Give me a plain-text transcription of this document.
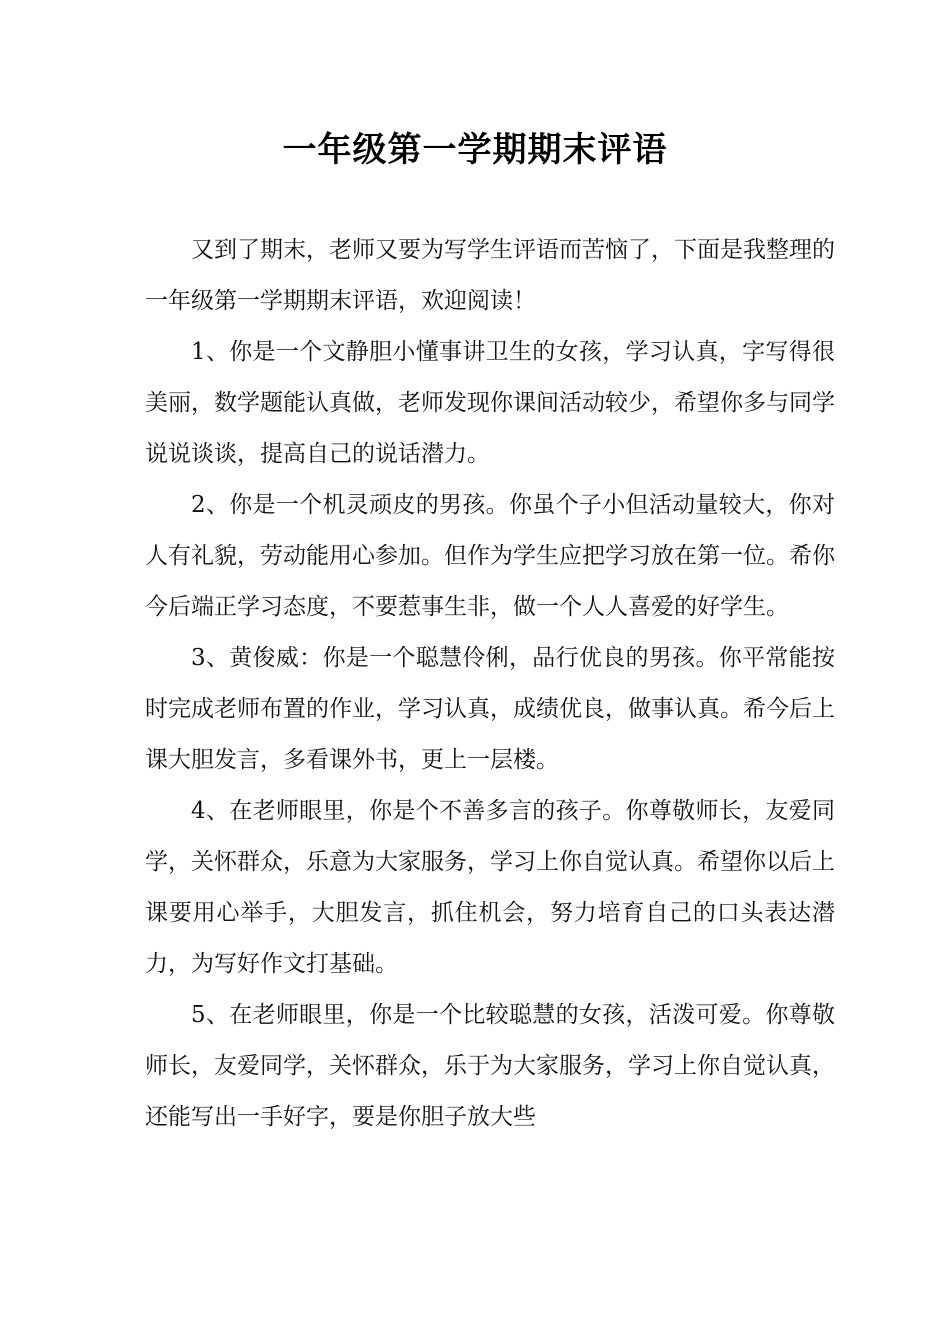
一年级第一学期期末评语

又到了期末，老师又要为写学生评语而苦恼了，下面是我整理的一年级第一学期期末评语，欢迎阅读！

1、你是一个文静胆小懂事讲卫生的女孩，学习认真，字写得很美丽，数学题能认真做，老师发现你课间活动较少，希望你多与同学说说谈谈，提高自己的说话潜力。

2、你是一个机灵顽皮的男孩。你虽个子小但活动量较大，你对人有礼貌，劳动能用心参加。但作为学生应把学习放在第一位。希你今后端正学习态度，不要惹事生非，做一个人人喜爱的好学生。

3、黄俊威：你是一个聪慧伶俐，品行优良的男孩。你平常能按时完成老师布置的作业，学习认真，成绩优良，做事认真。希今后上课大胆发言，多看课外书，更上一层楼。

4、在老师眼里，你是个不善多言的孩子。你尊敬师长，友爱同学，关怀群众，乐意为大家服务，学习上你自觉认真。希望你以后上课要用心举手，大胆发言，抓住机会，努力培育自己的口头表达潜力，为写好作文打基础。

5、在老师眼里，你是一个比较聪慧的女孩，活泼可爱。你尊敬师长，友爱同学，关怀群众，乐于为大家服务，学习上你自觉认真，还能写出一手好字，要是你胆子放大些
